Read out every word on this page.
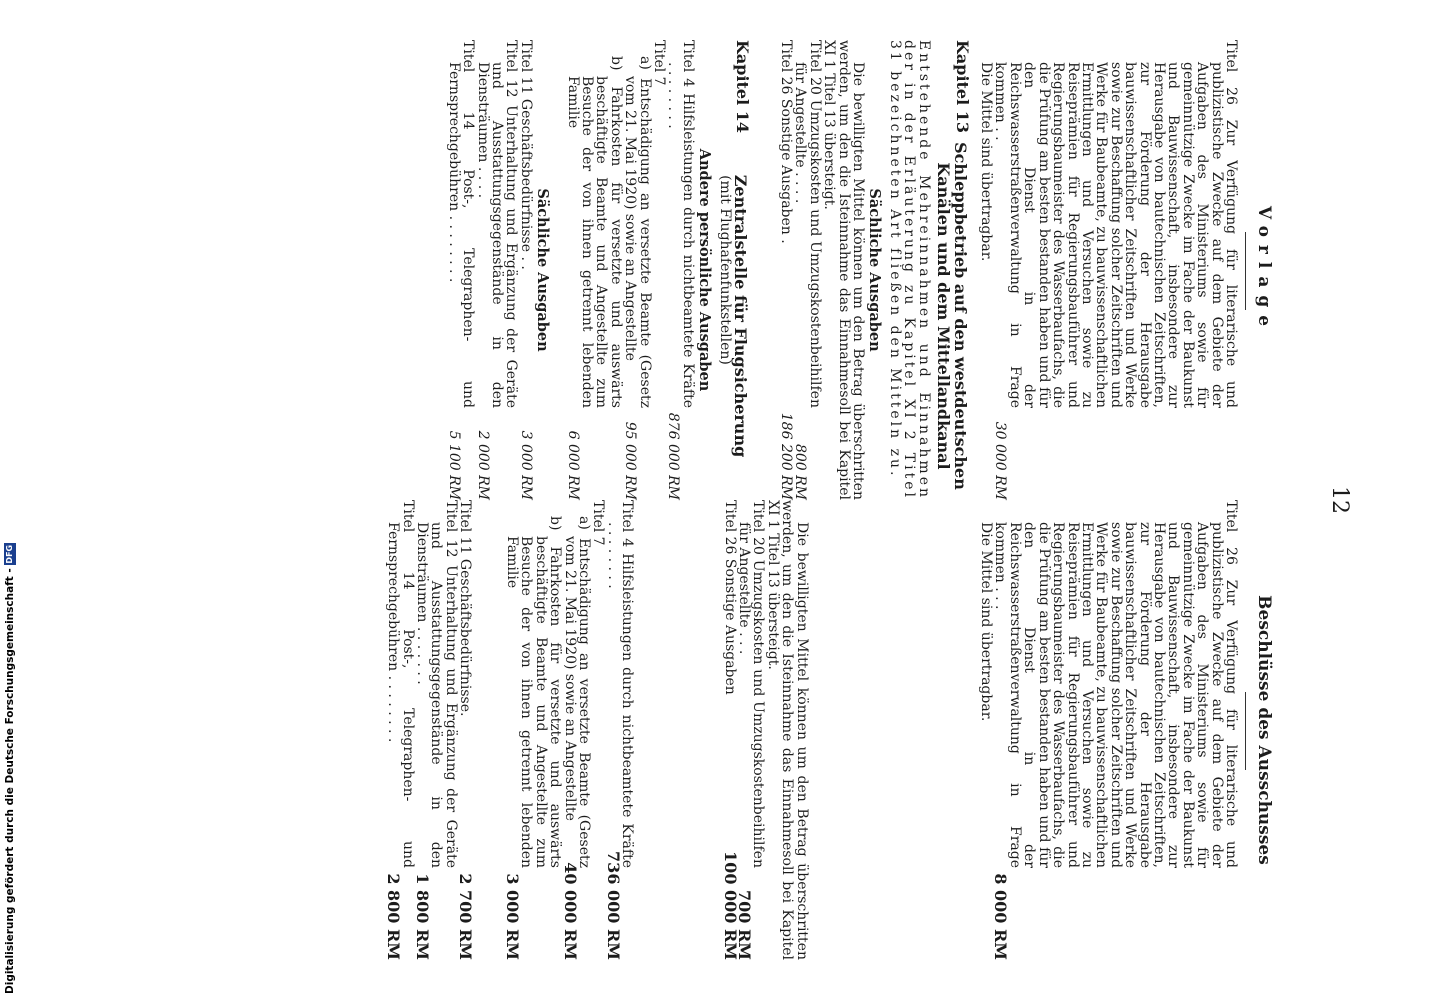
12
Vorlage
Beschlüsse des Ausschusses
Titel 26 Zur Verfügung für literarische und publizistische Zwecke auf dem Gebiete der Aufgaben des Ministeriums sowie für gemeinnützige Zwecke im Fache der Baukunst und Bauwissenschaft, insbesondere zur Herausgabe von bautechnischen Zeitschriften, zur Förderung der Herausgabe bauwissenschaftlicher Zeitschriften und Werke sowie zur Beschaffung solcher Zeitschriften und Werke für Baubeamte, zu bauwissenschaftlichen Ermittlungen und Versuchen sowie zu Reiseprämien für Regierungsbauführer und Regierungsbaumeister des Wasserbaufachs, die die Prüfung am besten bestanden haben und für den Dienst in der Reichswasserstraßenverwaltung in Frage kommen . .
30 000 RM

Die Mittel sind übertragbar.

Kapitel 13
Schleppbetrieb auf den westdeutschen Kanälen und dem Mittellandkanal

Entstehende Mehreinnahmen und Einnahmen der in der Erläuterung zu Kapitel XI 2 Titel 31 bezeichneten Art fließen den Mitteln zu.

Sächliche Ausgaben

Die bewilligten Mittel können um den Betrag überschritten werden, um den die Isteinnahme das Einnahmesoll bei Kapitel XI 1 Titel 13 übersteigt.

Titel 20 Umzugskosten und Umzugskostenbeihilfen für Angestellte . . . .
800 RM
Titel 26 Sonstige Ausgaben .
186 200 RM
Kapitel 14
Zentralstelle für Flugsicherung

(mit Flughafenfunkstellen)

Andere persönliche Ausgaben
Titel 4 Hilfsleistungen durch nichtbeamtete Kräfte . . . . . . . .
876 000 RM

Titel 7

a) Entschädigung an versetzte Beamte (Gesetz vom 21. Mai 1920) sowie an Angestellte
95 000 RM
b) Fahrkosten für versetzte und auswärts beschäftigte Beamte und Angestellte zum Besuche der von ihnen getrennt lebenden Familie
6 000 RM
Sächliche Ausgaben
Titel 11 Geschäftsbedürfnisse . .
3 000 RM
Titel 12 Unterhaltung und Ergänzung der Geräte und Ausstattungsgegenstände in den Diensträumen . . . .
2 000 RM
Titel 14 Post-, Telegraphen- und Fernsprechgebühren . . . . . . . .
5 100 RM
Titel 26 Zur Verfügung für literarische und publizistische Zwecke auf dem Gebiete der Aufgaben des Ministeriums sowie für gemeinnützige Zwecke im Fache der Baukunst und Bauwissenschaft, insbesondere zur Herausgabe von bautechnischen Zeitschriften, zur Förderung der Herausgabe bauwissenschaftlicher Zeitschriften und Werke sowie zur Beschaffung solcher Zeitschriften und Werke für Baubeamte, zu bauwissenschaftlichen Ermittlungen und Versuchen sowie zu Reiseprämien für Regierungsbauführer und Regierungsbaumeister des Wasserbaufachs, die die Prüfung am besten bestanden haben und für den Dienst in der Reichswasserstraßenverwaltung in Frage kommen . . .
8 000 RM

Die Mittel sind übertragbar.

Die bewilligten Mittel können um den Betrag überschritten werden, um den die Isteinnahme das Einnahmesoll bei Kapitel XI 1 Titel 13 übersteigt.

Titel 20 Umzugskosten und Umzugskostenbeihilfen für Angestellte . . .
700 RM
Titel 26 Sonstige Ausgaben
100 000 RM
Titel 4 Hilfsleistungen durch nichtbeamtete Kräfte . . . . . . . .
736 000 RM

Titel 7

a) Entschädigung an versetzte Beamte (Gesetz vom 21. Mai 1920) sowie an Angestellte
40 000 RM
b) Fahrkosten für versetzte und auswärts beschäftigte Beamte und Angestellte zum Besuche der von ihnen getrennt lebenden Familie
3 000 RM
Titel 11 Geschäftsbedürfnisse.
2 700 RM
Titel 12 Unterhaltung und Ergänzung der Geräte und Ausstattungsgegenstände in den Diensträumen . . . . . . .
1 800 RM
Titel 14 Post-, Telegraphen- und Fernsprechgebühren . . . . . . . .
2 800 RM
Digitalisierung gefördert durch die Deutsche Forschungsgemeinschaft -DFG
